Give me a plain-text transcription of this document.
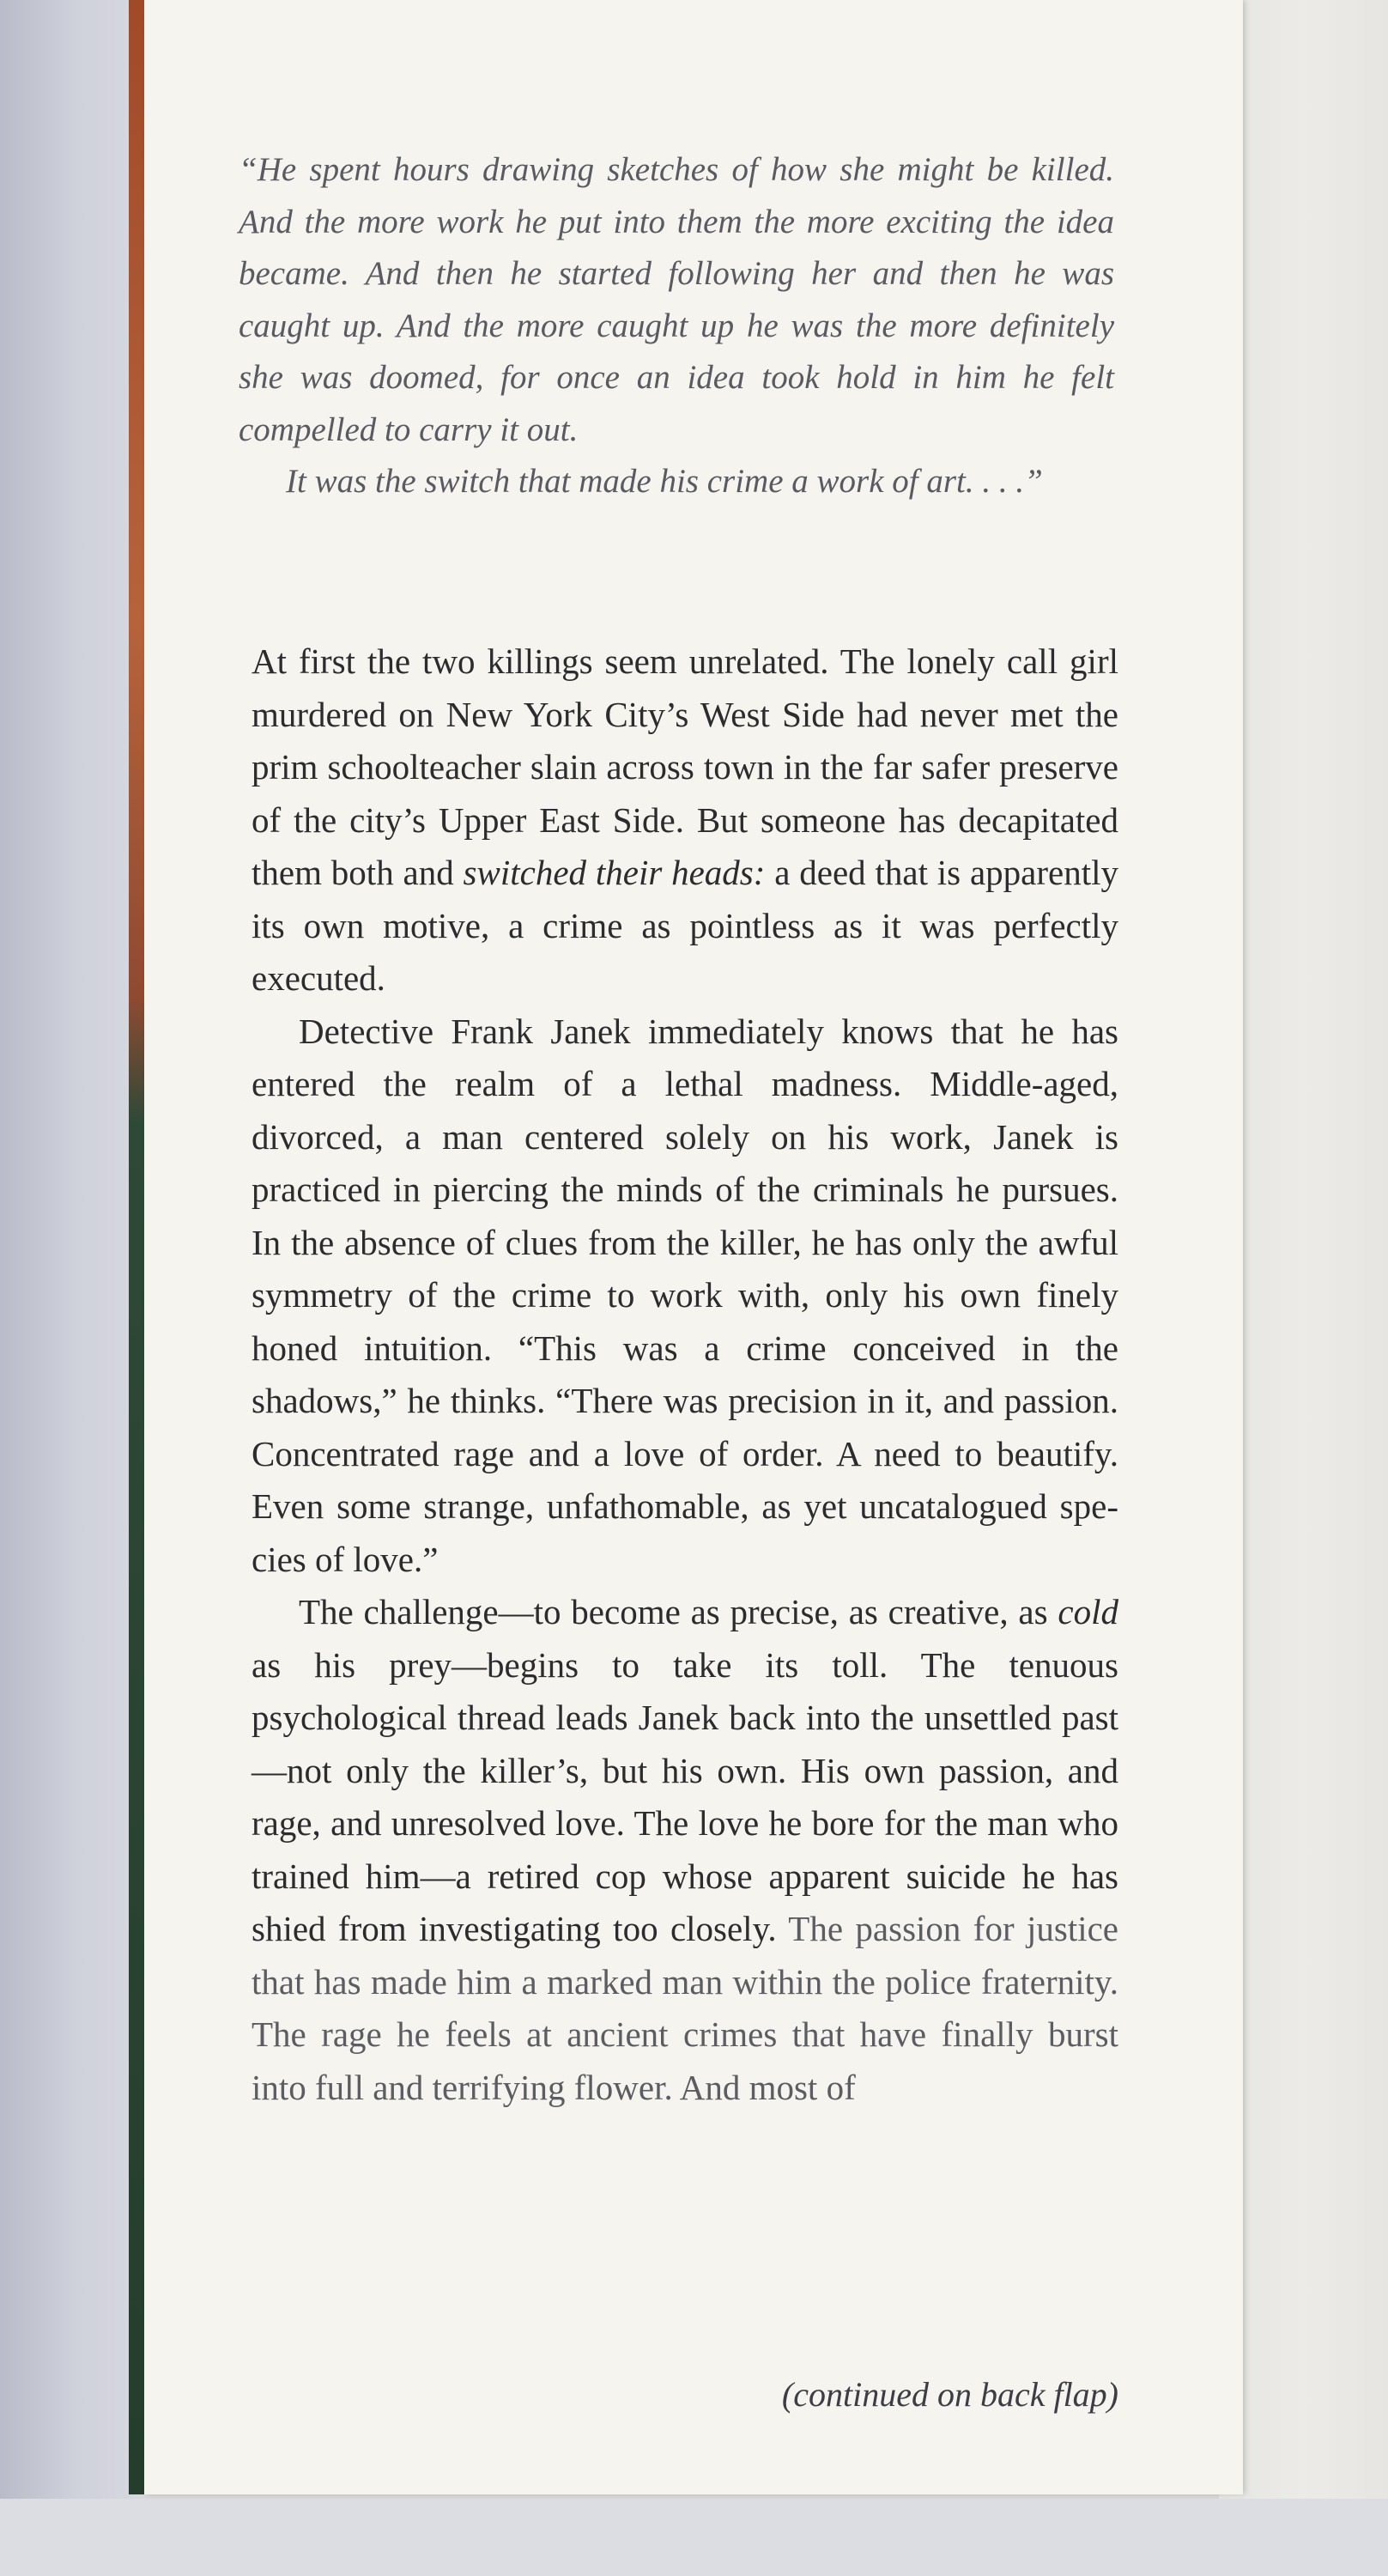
“He spent hours drawing sketches of how she might be killed. And the more work he put into them the more exciting the idea became. And then he started following her and then he was caught up. And the more caught up he was the more definitely she was doomed, for once an idea took hold in him he felt compelled to carry it out.

It was the switch that made his crime a work of art. . . .”

At first the two killings seem unrelated. The lonely call girl murdered on New York City’s West Side had never met the prim schoolteacher slain across town in the far safer preserve of the city’s Upper East Side. But someone has decapitated them both and switched their heads: a deed that is apparently its own motive, a crime as pointless as it was perfectly executed.

Detective Frank Janek immediately knows that he has entered the realm of a lethal madness. Middle-aged, divorced, a man centered solely on his work, Janek is practiced in piercing the minds of the criminals he pursues. In the absence of clues from the killer, he has only the awful symmetry of the crime to work with, only his own finely honed intuition. “This was a crime conceived in the shadows,” he thinks. “There was precision in it, and passion. Concentrated rage and a love of order. A need to beautify. Even some strange, unfathomable, as yet uncatalogued species of love.”

The challenge—to become as precise, as creative, as cold as his prey—begins to take its toll. The tenuous psychological thread leads Janek back into the unsettled past—not only the killer’s, but his own. His own passion, and rage, and unresolved love. The love he bore for the man who trained him—a retired cop whose apparent suicide he has shied from investigating too closely. The passion for justice that has made him a marked man within the police fraternity. The rage he feels at ancient crimes that have finally burst into full and terrifying flower. And most of

(continued on back flap)
